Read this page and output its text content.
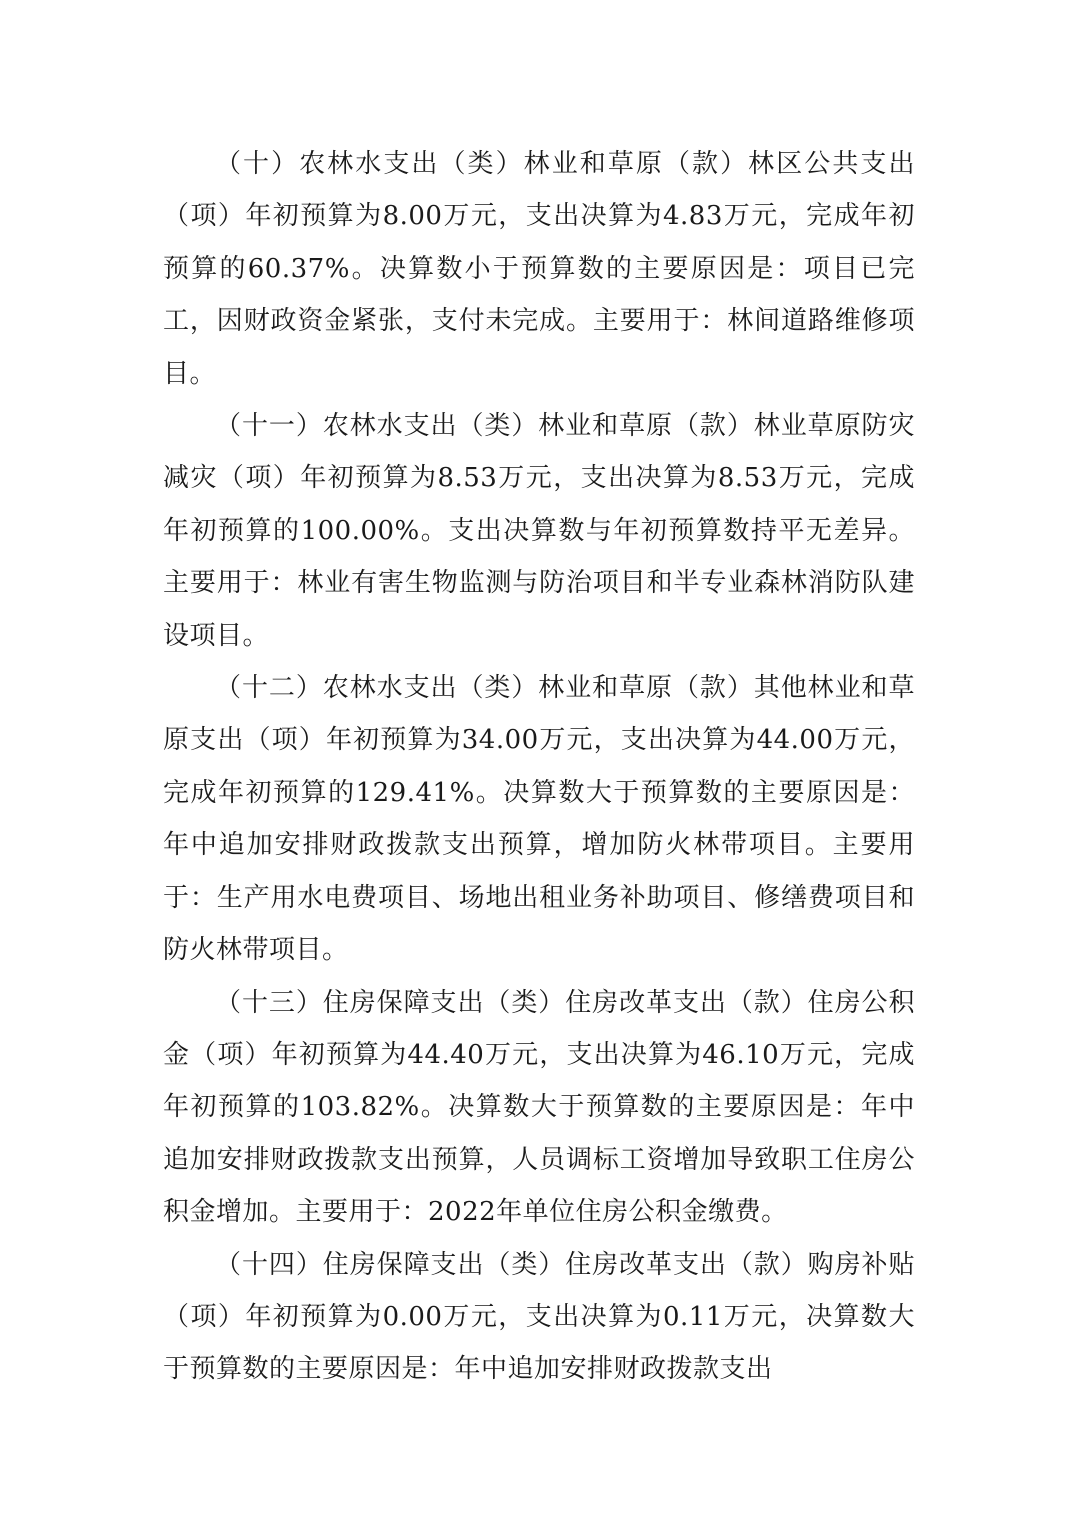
（十）农林水支出（类）林业和草原（款）林区公共支出（项）年初预算为8.00万元，支出决算为4.83万元，完成年初预算的60.37%。决算数小于预算数的主要原因是：项目已完工，因财政资金紧张，支付未完成。主要用于：林间道路维修项目。

（十一）农林水支出（类）林业和草原（款）林业草原防灾减灾（项）年初预算为8.53万元，支出决算为8.53万元，完成年初预算的100.00%。支出决算数与年初预算数持平无差异。主要用于：林业有害生物监测与防治项目和半专业森林消防队建设项目。

（十二）农林水支出（类）林业和草原（款）其他林业和草原支出（项）年初预算为34.00万元，支出决算为44.00万元，完成年初预算的129.41%。决算数大于预算数的主要原因是：年中追加安排财政拨款支出预算，增加防火林带项目。主要用于：生产用水电费项目、场地出租业务补助项目、修缮费项目和防火林带项目。

（十三）住房保障支出（类）住房改革支出（款）住房公积金（项）年初预算为44.40万元，支出决算为46.10万元，完成年初预算的103.82%。决算数大于预算数的主要原因是：年中追加安排财政拨款支出预算，人员调标工资增加导致职工住房公积金增加。主要用于：2022年单位住房公积金缴费。

（十四）住房保障支出（类）住房改革支出（款）购房补贴（项）年初预算为0.00万元，支出决算为0.11万元，决算数大于预算数的主要原因是：年中追加安排财政拨款支出
